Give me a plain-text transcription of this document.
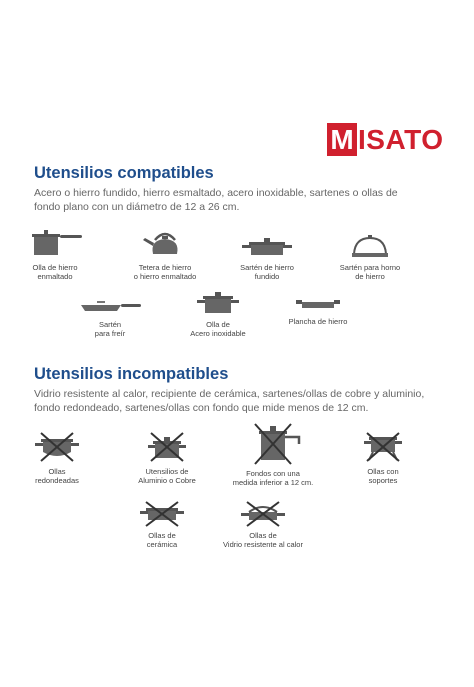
M ISATO
Utensilios compatibles
Acero o hierro fundido, hierro esmaltado, acero inoxidable, sartenes o ollas de
fondo plano con un diámetro de 12 a 26 cm.
Olla de hierro
enmaltado
Tetera de hierro
o hierro enmaltado
Sartén de hierro
fundido
Sartén para horno
de hierro
Sartén
para freír
Olla de
Acero inoxidable
Plancha de hierro
Utensilios incompatibles
Vidrio resistente al calor, recipiente de cerámica, sartenes/ollas de cobre y aluminio,
fondo redondeado, sartenes/ollas con fondo que mide menos de 12 cm.
Ollas
redondeadas
Utensilios de
Aluminio o Cobre
Fondos con una
medida inferior a 12 cm.
Ollas con
soportes
Ollas de
cerámica
Ollas de
Vidrio resistente al calor
